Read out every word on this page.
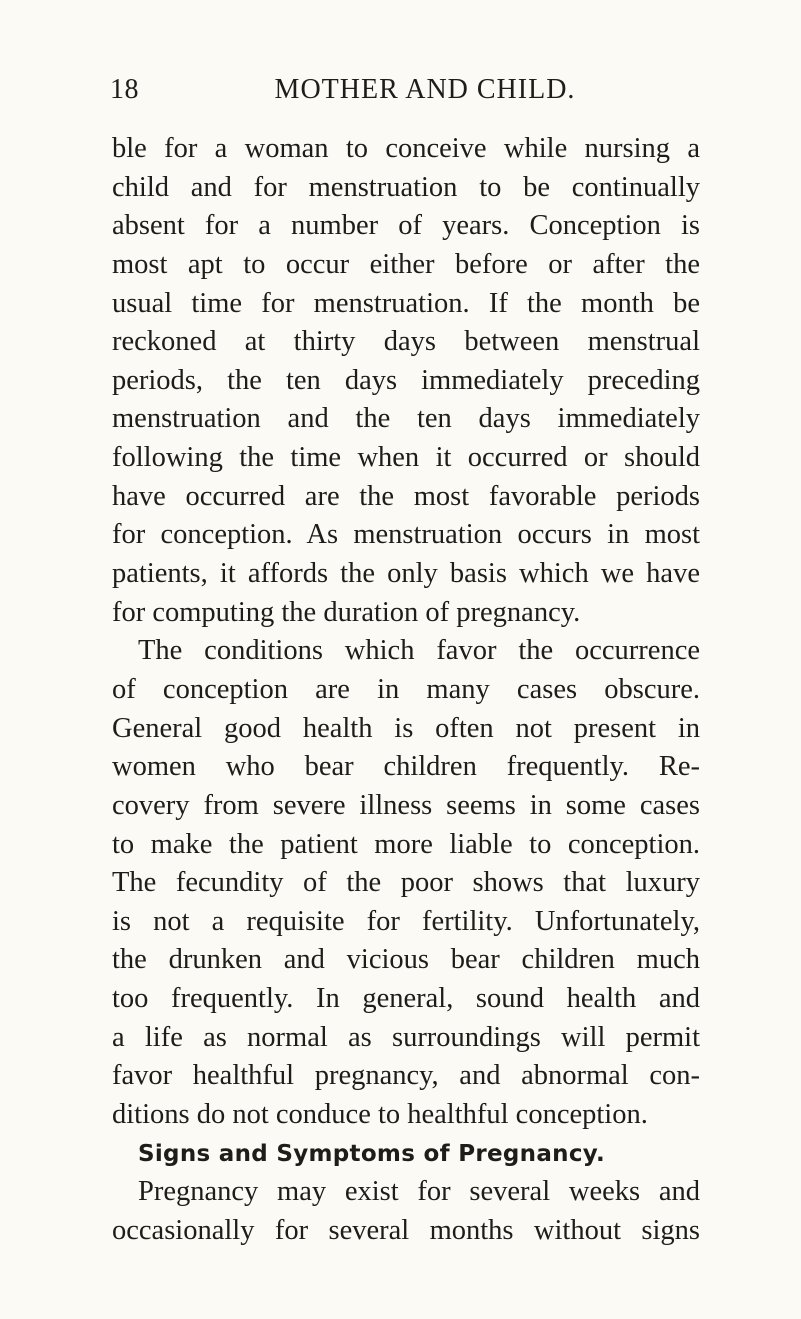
18	MOTHER AND CHILD.
ble for a woman to conceive while nursing a
child and for menstruation to be continually
absent for a number of years. Conception is
most apt to occur either before or after the
usual time for menstruation. If the month be
reckoned at thirty days between menstrual
periods, the ten days immediately preceding
menstruation and the ten days immediately
following the time when it occurred or should
have occurred are the most favorable periods
for conception. As menstruation occurs in most
patients, it affords the only basis which we have
for computing the duration of pregnancy.
The conditions which favor the occurrence
of conception are in many cases obscure.
General good health is often not present in
women who bear children frequently. Re-
covery from severe illness seems in some cases
to make the patient more liable to conception.
The fecundity of the poor shows that luxury
is not a requisite for fertility. Unfortunately,
the drunken and vicious bear children much
too frequently. In general, sound health and
a life as normal as surroundings will permit
favor healthful pregnancy, and abnormal con-
ditions do not conduce to healthful conception.
Signs and Symptoms of Pregnancy.
Pregnancy may exist for several weeks and
occasionally for several months without signs
